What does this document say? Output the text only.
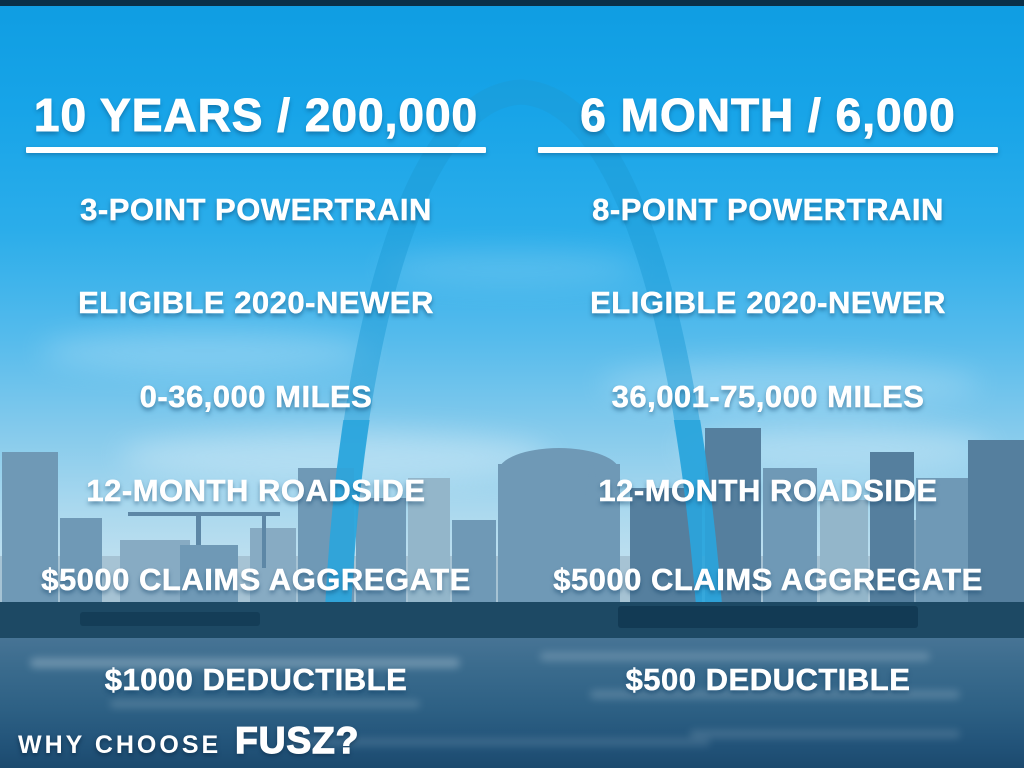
10 YEARS / 200,000
3-POINT POWERTRAIN
ELIGIBLE 2020-NEWER
0-36,000 MILES
12-MONTH ROADSIDE
$5000 CLAIMS AGGREGATE
$1000 DEDUCTIBLE
6 MONTH / 6,000
8-POINT POWERTRAIN
ELIGIBLE 2020-NEWER
36,001-75,000 MILES
12-MONTH ROADSIDE
$5000 CLAIMS AGGREGATE
$500 DEDUCTIBLE
WHY CHOOSE FUSZ?
